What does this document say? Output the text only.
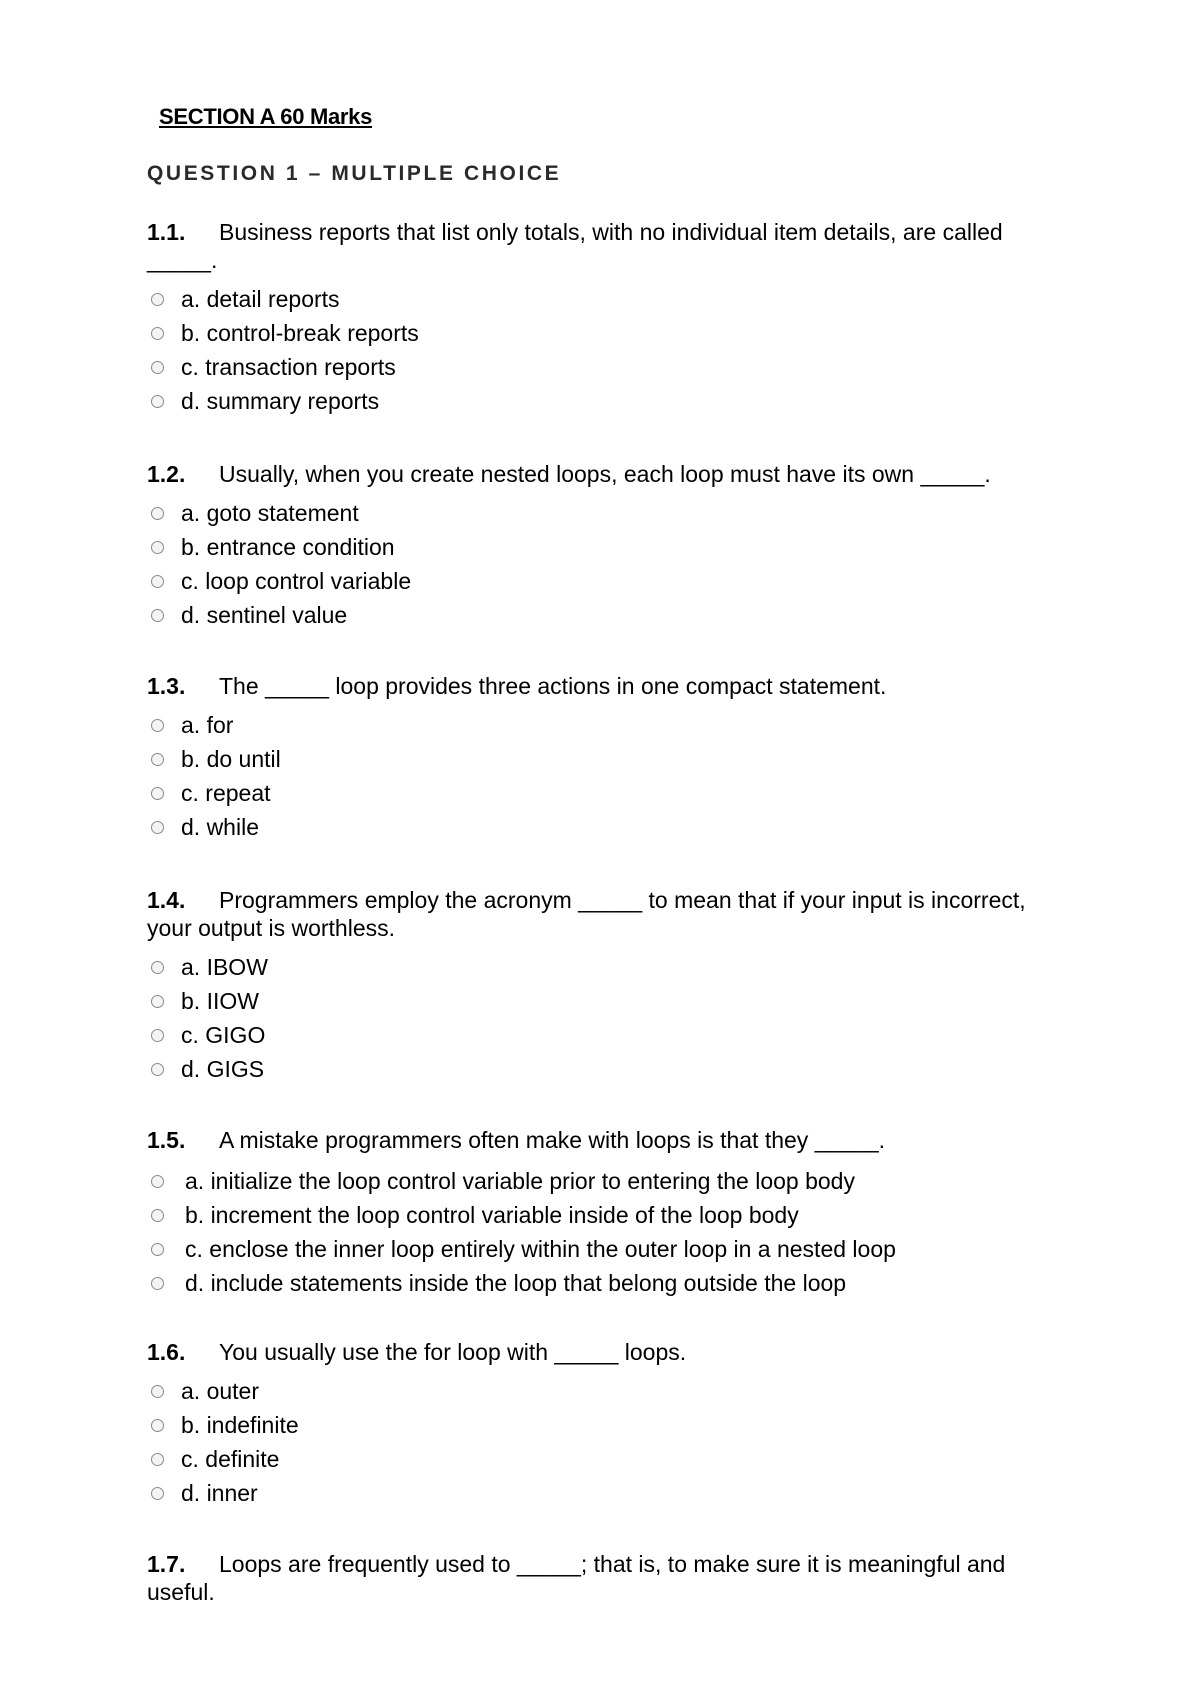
SECTION A 60 Marks
QUESTION 1 – MULTIPLE CHOICE
1.1. Business reports that list only totals, with no individual item details, are called
_____.
a. detail reports
b. control-break reports
c. transaction reports
d. summary reports
1.2. Usually, when you create nested loops, each loop must have its own _____.
a. goto statement
b. entrance condition
c. loop control variable
d. sentinel value
1.3. The _____ loop provides three actions in one compact statement.
a. for
b. do until
c. repeat
d. while
1.4. Programmers employ the acronym _____ to mean that if your input is incorrect,
your output is worthless.
a. IBOW
b. IIOW
c. GIGO
d. GIGS
1.5. A mistake programmers often make with loops is that they _____.
a. initialize the loop control variable prior to entering the loop body
b. increment the loop control variable inside of the loop body
c. enclose the inner loop entirely within the outer loop in a nested loop
d. include statements inside the loop that belong outside the loop
1.6. You usually use the for loop with _____ loops.
a. outer
b. indefinite
c. definite
d. inner
1.7. Loops are frequently used to _____; that is, to make sure it is meaningful and
useful.
